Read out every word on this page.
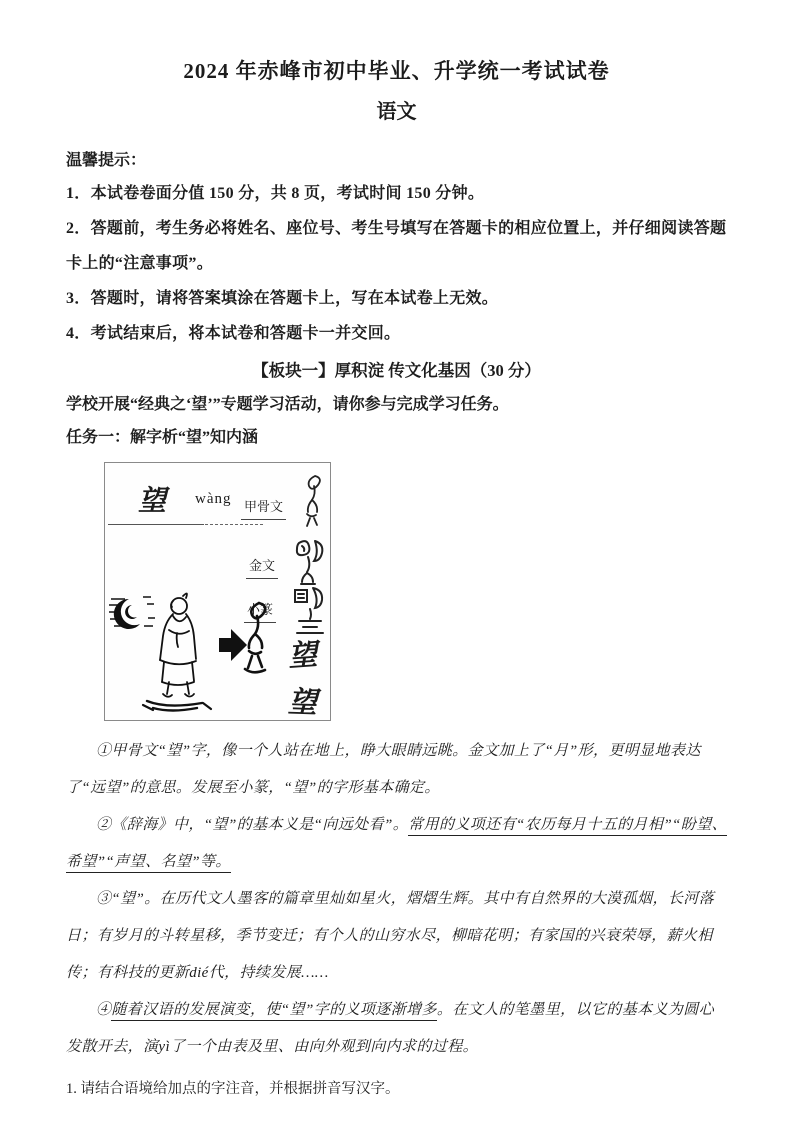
2024 年赤峰市初中毕业、升学统一考试试卷
语文
温馨提示：
1．本试卷卷面分值 150 分，共 8 页，考试时间 150 分钟。
2．答题前，考生务必将姓名、座位号、考生号填写在答题卡的相应位置上，并仔细阅读答题卡上的“注意事项”。
3．答题时，请将答案填涂在答题卡上，写在本试卷上无效。
4．考试结束后，将本试卷和答题卡一并交回。
【板块一】厚积淀 传文化基因（30 分）
学校开展“经典之‘望’”专题学习活动，请你参与完成学习任务。
任务一：解字析“望”知内涵
望 wàng 甲骨文
金文
小篆
望
望
①甲骨文“望”字，像一个人站在地上，睁大眼睛远眺。金文加上了“月”形，更明显地表达了“远望”的意思。发展至小篆，“望”的字形基本确定。
②《辞海》中，“望”的基本义是“向远处看”。常用的义项还有“农历每月十五的月相”“盼望、希望”“声望、名望”等。
③“望”。在历代文人墨客的篇章里灿如星火，熠熠生辉。其中有自然界的大漠孤烟，长河落日；有岁月的斗转星移，季节变迁；有个人的山穷水尽，柳暗花明；有家国的兴衰荣辱，薪火相传；有科技的更新dié代，持续发展……
④随着汉语的发展演变，使“望”字的义项逐渐增多。在文人的笔墨里，以它的基本义为圆心发散开去，演yì了一个由表及里、由向外观到向内求的过程。
1. 请结合语境给加点的字注音，并根据拼音写汉字。
